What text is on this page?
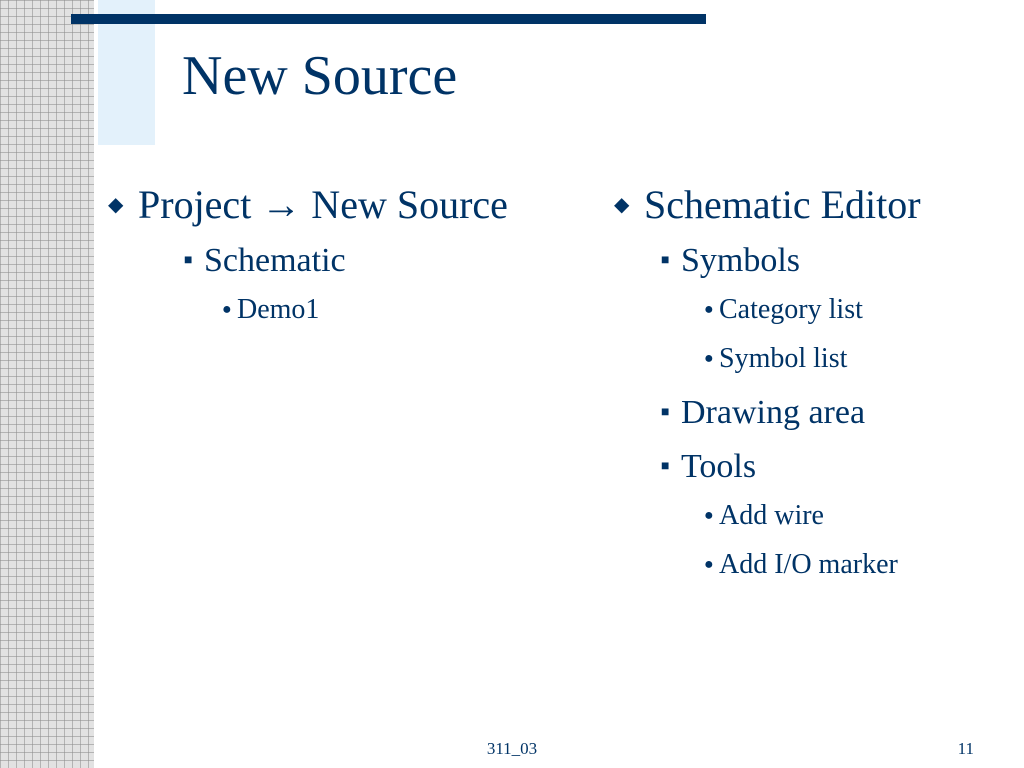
New Source
◆ Project → New Source
■ Schematic
● Demo1
◆ Schematic Editor
■ Symbols
● Category list
● Symbol list
■ Drawing area
■ Tools
● Add wire
● Add I/O marker
311_03	11
